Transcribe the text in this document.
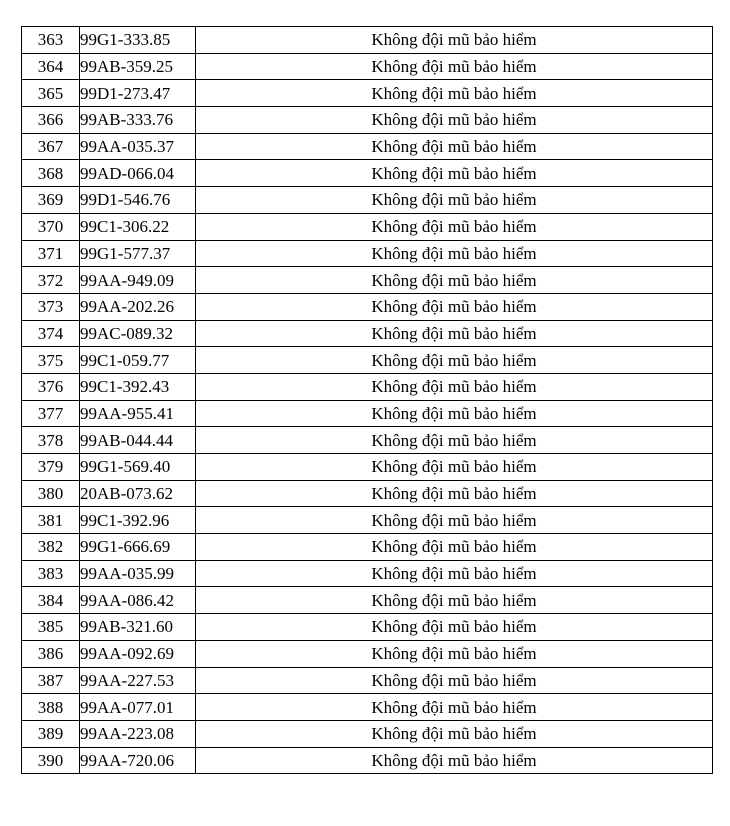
363	99G1-333.85	Không đội mũ bảo hiểm
364	99AB-359.25	Không đội mũ bảo hiểm
365	99D1-273.47	Không đội mũ bảo hiểm
366	99AB-333.76	Không đội mũ bảo hiểm
367	99AA-035.37	Không đội mũ bảo hiểm
368	99AD-066.04	Không đội mũ bảo hiểm
369	99D1-546.76	Không đội mũ bảo hiểm
370	99C1-306.22	Không đội mũ bảo hiểm
371	99G1-577.37	Không đội mũ bảo hiểm
372	99AA-949.09	Không đội mũ bảo hiểm
373	99AA-202.26	Không đội mũ bảo hiểm
374	99AC-089.32	Không đội mũ bảo hiểm
375	99C1-059.77	Không đội mũ bảo hiểm
376	99C1-392.43	Không đội mũ bảo hiểm
377	99AA-955.41	Không đội mũ bảo hiểm
378	99AB-044.44	Không đội mũ bảo hiểm
379	99G1-569.40	Không đội mũ bảo hiểm
380	20AB-073.62	Không đội mũ bảo hiểm
381	99C1-392.96	Không đội mũ bảo hiểm
382	99G1-666.69	Không đội mũ bảo hiểm
383	99AA-035.99	Không đội mũ bảo hiểm
384	99AA-086.42	Không đội mũ bảo hiểm
385	99AB-321.60	Không đội mũ bảo hiểm
386	99AA-092.69	Không đội mũ bảo hiểm
387	99AA-227.53	Không đội mũ bảo hiểm
388	99AA-077.01	Không đội mũ bảo hiểm
389	99AA-223.08	Không đội mũ bảo hiểm
390	99AA-720.06	Không đội mũ bảo hiểm
